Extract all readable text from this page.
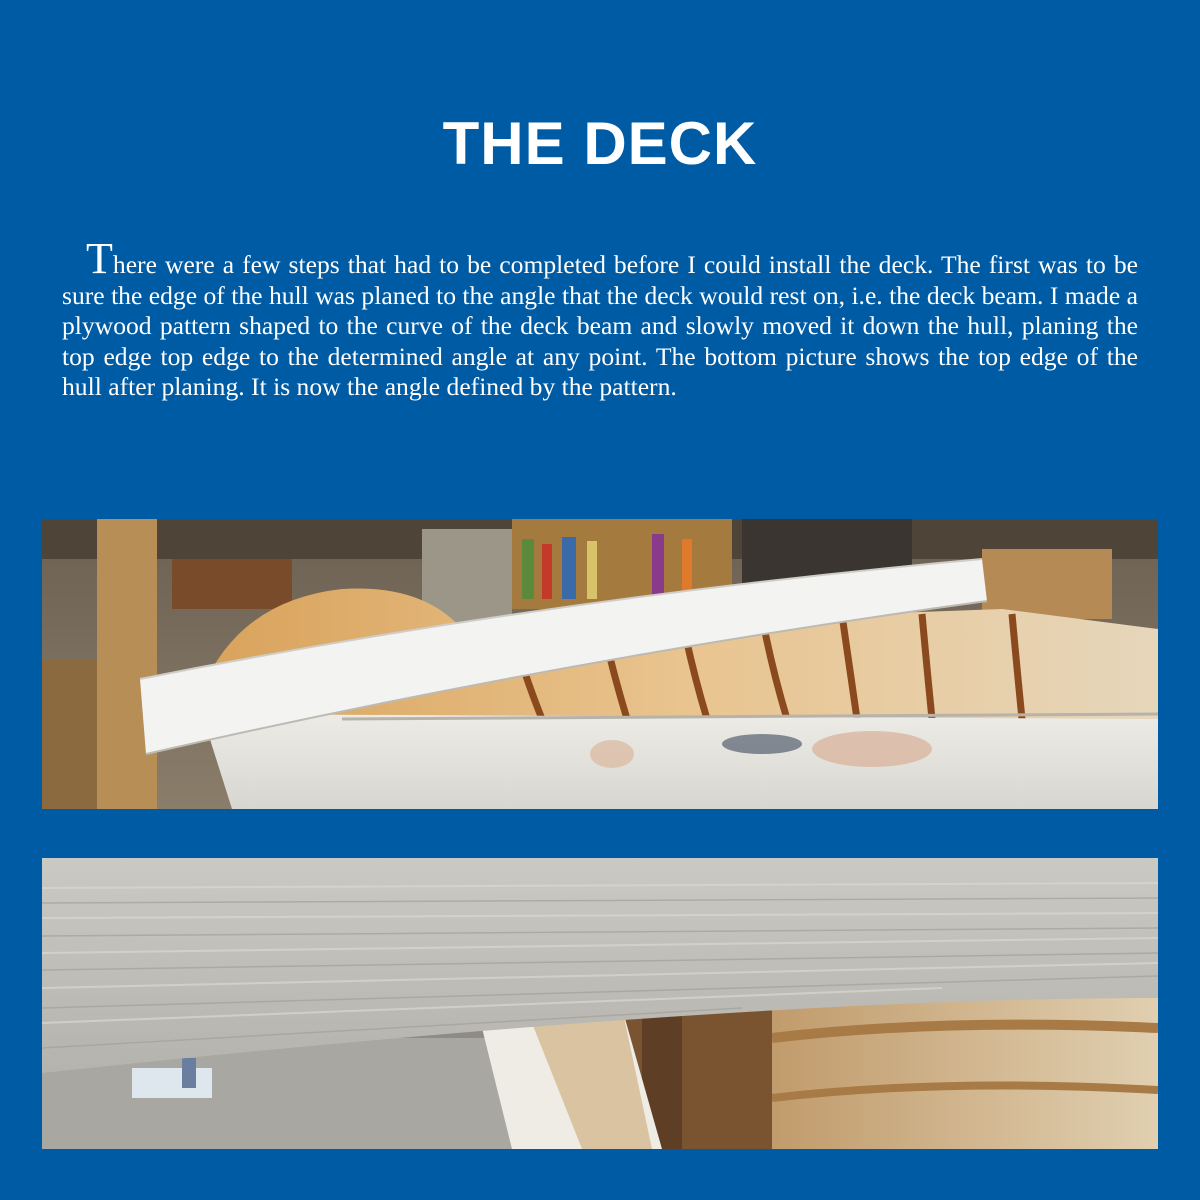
THE DECK

There were a few steps that had to be completed before I could install the deck. The first was to be sure the edge of the hull was planed to the angle that the deck would rest on, i.e. the deck beam. I made a plywood pattern shaped to the curve of the deck beam and slowly moved it down the hull, planing the top edge top edge to the determined angle at any point. The bottom picture shows the top edge of the hull after planing. It is now the angle defined by the pattern.
